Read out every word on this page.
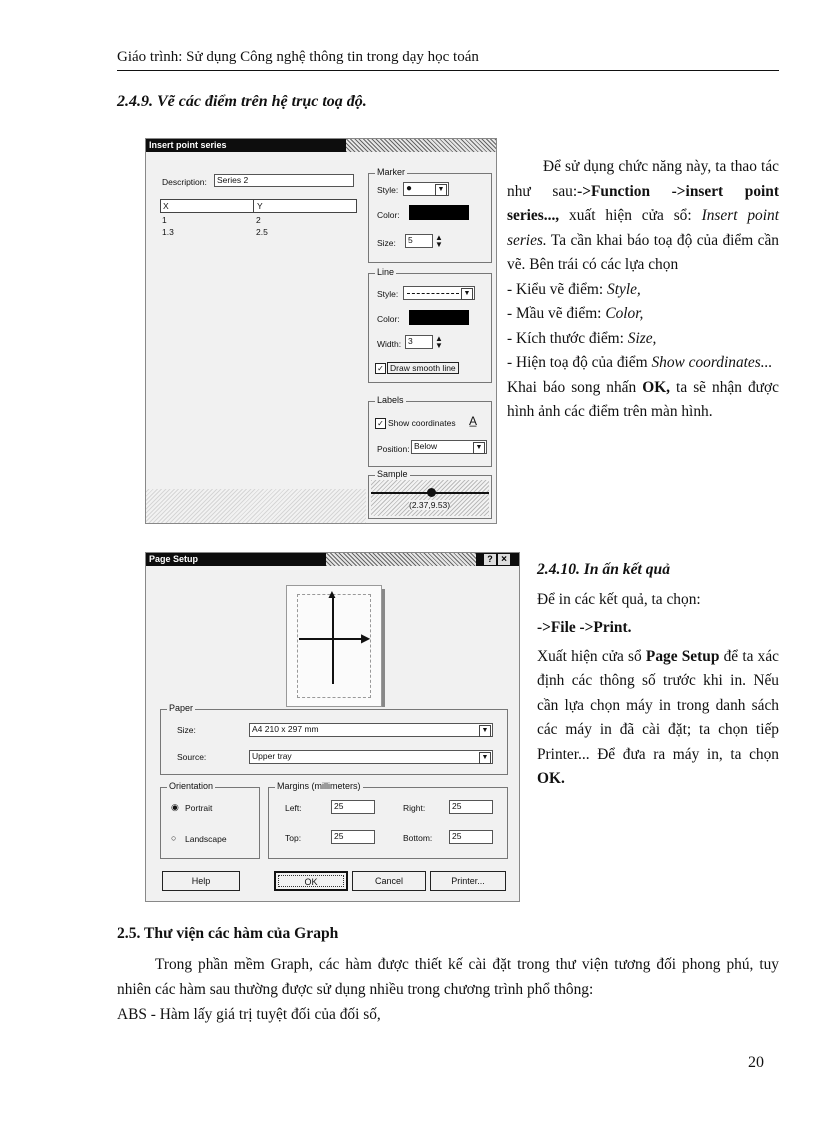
Giáo trình: Sử dụng Công nghệ thông tin trong dạy học toán
2.4.9. Vẽ các điểm trên hệ trục toạ độ.
Insert point series
Description:	Series 2
X	Y
1	2
1.3	2.5
Marker
Style: ●	▼
Color:
Size:	5	▲
▼
Line
Style:	▼
Color:
Width: 3	▲
▼
✓ Draw smooth line
Labels
✓ Show coordinates A̲
Position: Below	▼
Sample
(2.37,9.53)
Để sử dụng chức năng này, ta thao tác như sau:->Function ->insert point series..., xuất hiện cửa sổ: Insert point series. Ta cần khai báo toạ độ của điểm cần vẽ. Bên trái có các lựa chọn
- Kiểu vẽ điểm: Style,
- Mầu vẽ điểm: Color,
- Kích thước điểm: Size,
- Hiện toạ độ của điểm Show coordinates...
Khai báo song nhấn OK, ta sẽ nhận được hình ảnh các điểm trên màn hình.
Page Setup	? ×
▲
▶
Paper
Size:	A4 210 x 297 mm	▼
Source:	Upper tray	▼
Orientation
◉ Portrait
○ Landscape
Margins (millimeters)
Left:	25	Right:	25
Top:	25	Bottom:	25
Help	OK	Cancel	Printer...
2.4.10. In ấn kết quả
Để in các kết quả, ta chọn:
->File ->Print.
Xuất hiện cửa sổ Page Setup để ta xác định các thông số trước khi in. Nếu cần lựa chọn máy in trong danh sách các máy in đã cài đặt; ta chọn tiếp Printer... Để đưa ra máy in, ta chọn OK.
2.5. Thư viện các hàm của Graph
Trong phần mềm Graph, các hàm được thiết kế cài đặt trong thư viện tương đối phong phú, tuy nhiên các hàm sau thường được sử dụng nhiều trong chương trình phổ thông:
ABS - Hàm lấy giá trị tuyệt đối của đối số,
20
